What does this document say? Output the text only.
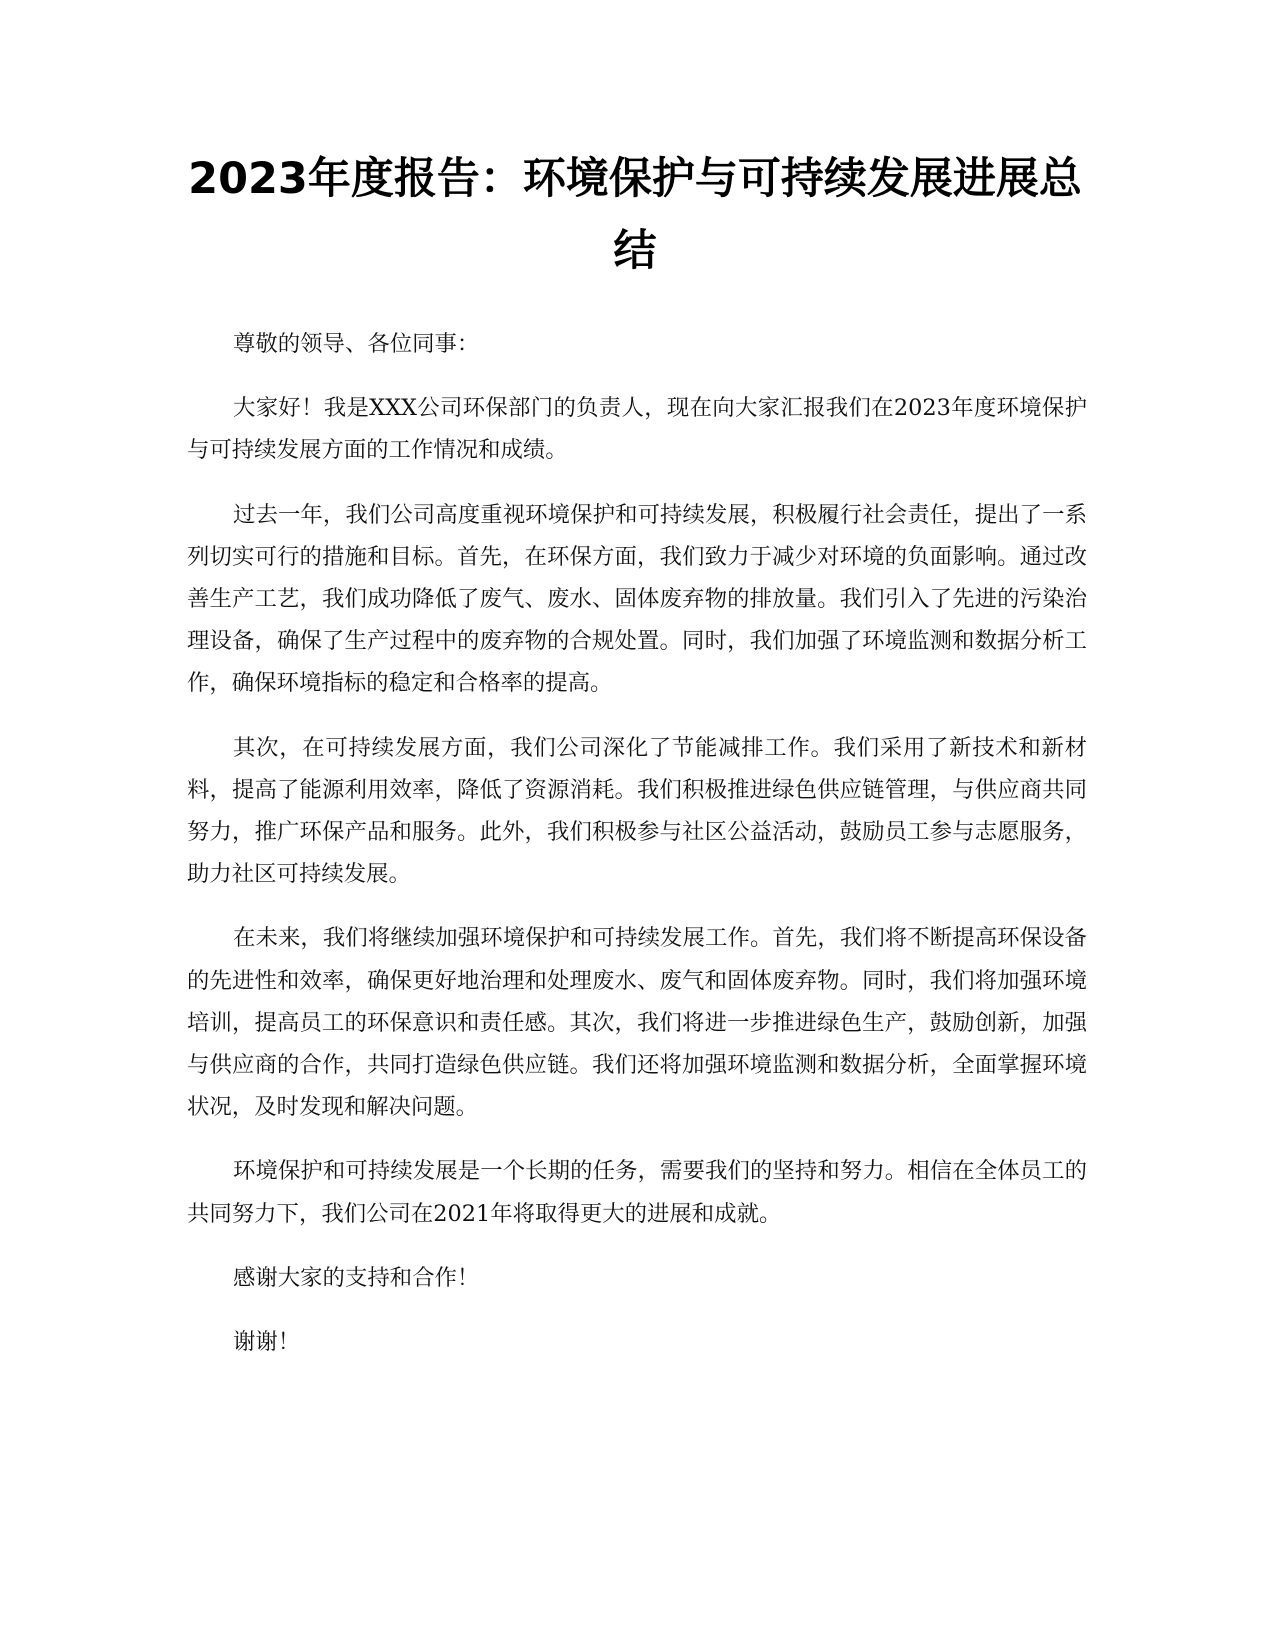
2023年度报告：环境保护与可持续发展进展总结

尊敬的领导、各位同事：

大家好！我是XXX公司环保部门的负责人，现在向大家汇报我们在2023年度环境保护与可持续发展方面的工作情况和成绩。

过去一年，我们公司高度重视环境保护和可持续发展，积极履行社会责任，提出了一系列切实可行的措施和目标。首先，在环保方面，我们致力于减少对环境的负面影响。通过改善生产工艺，我们成功降低了废气、废水、固体废弃物的排放量。我们引入了先进的污染治理设备，确保了生产过程中的废弃物的合规处置。同时，我们加强了环境监测和数据分析工作，确保环境指标的稳定和合格率的提高。

其次，在可持续发展方面，我们公司深化了节能减排工作。我们采用了新技术和新材料，提高了能源利用效率，降低了资源消耗。我们积极推进绿色供应链管理，与供应商共同努力，推广环保产品和服务。此外，我们积极参与社区公益活动，鼓励员工参与志愿服务，助力社区可持续发展。

在未来，我们将继续加强环境保护和可持续发展工作。首先，我们将不断提高环保设备的先进性和效率，确保更好地治理和处理废水、废气和固体废弃物。同时，我们将加强环境培训，提高员工的环保意识和责任感。其次，我们将进一步推进绿色生产，鼓励创新，加强与供应商的合作，共同打造绿色供应链。我们还将加强环境监测和数据分析，全面掌握环境状况，及时发现和解决问题。

环境保护和可持续发展是一个长期的任务，需要我们的坚持和努力。相信在全体员工的共同努力下，我们公司在2021年将取得更大的进展和成就。

感谢大家的支持和合作！

谢谢！
